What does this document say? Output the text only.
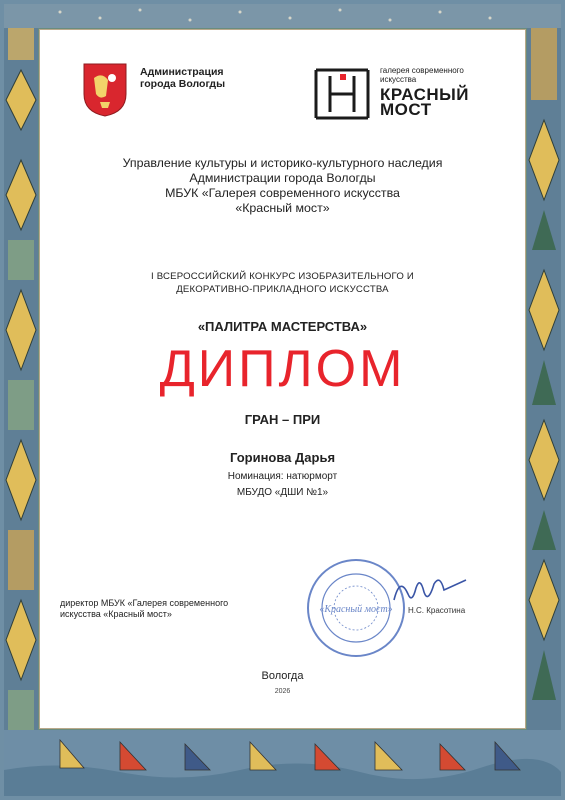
Администрация
города Вологды
галерея современного
искусства
КРАСНЫЙ
МОСТ
Управление культуры и историко-культурного наследия
Администрации города Вологды
МБУК «Галерея современного искусства
«Красный мост»
I ВСЕРОССИЙСКИЙ КОНКУРС ИЗОБРАЗИТЕЛЬНОГО И
ДЕКОРАТИВНО-ПРИКЛАДНОГО ИСКУССТВА
«ПАЛИТРА МАСТЕРСТВА»
ДИПЛОМ
ГРАН – ПРИ
Горинова Дарья
Номинация: натюрморт
МБУДО «ДШИ №1»
директор МБУК «Галерея современного
искусства «Красный мост»	«Красный мост» Н.С. Красотина
Вологда
2026
